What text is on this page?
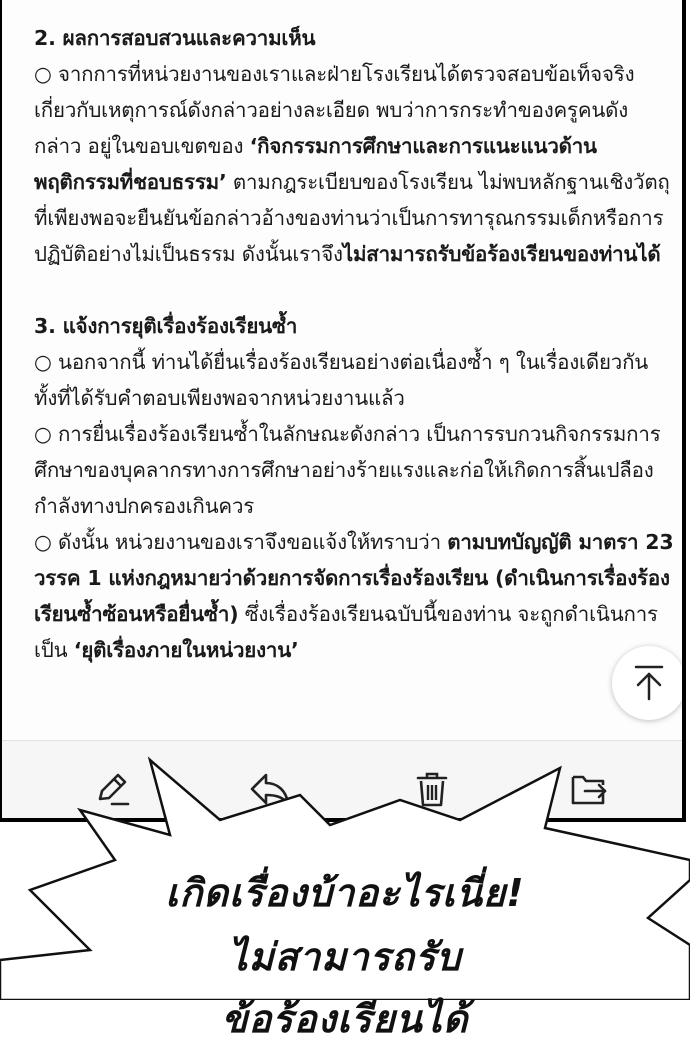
2. ผลการสอบสวนและความเห็น

○ จากการที่หน่วยงานของเราและฝ่ายโรงเรียนได้ตรวจสอบข้อเท็จจริงเกี่ยวกับเหตุการณ์ดังกล่าวอย่างละเอียด พบว่าการกระทำของครูคนดังกล่าว อยู่ในขอบเขตของ ‘กิจกรรมการศึกษาและการแนะแนวด้านพฤติกรรมที่ชอบธรรม’ ตามกฎระเบียบของโรงเรียน ไม่พบหลักฐานเชิงวัตถุที่เพียงพอจะยืนยันข้อกล่าวอ้างของท่านว่าเป็นการทารุณกรรมเด็กหรือการปฏิบัติอย่างไม่เป็นธรรม ดังนั้นเราจึงไม่สามารถรับข้อร้องเรียนของท่านได้

3. แจ้งการยุติเรื่องร้องเรียนซ้ำ

○ นอกจากนี้ ท่านได้ยื่นเรื่องร้องเรียนอย่างต่อเนื่องซ้ำ ๆ ในเรื่องเดียวกัน ทั้งที่ได้รับคำตอบเพียงพอจากหน่วยงานแล้ว

○ การยื่นเรื่องร้องเรียนซ้ำในลักษณะดังกล่าว เป็นการรบกวนกิจกรรมการศึกษาของบุคลากรทางการศึกษาอย่างร้ายแรงและก่อให้เกิดการสิ้นเปลืองกำลังทางปกครองเกินควร

○ ดังนั้น หน่วยงานของเราจึงขอแจ้งให้ทราบว่า ตามบทบัญญัติ มาตรา 23 วรรค 1 แห่งกฎหมายว่าด้วยการจัดการเรื่องร้องเรียน (ดำเนินการเรื่องร้องเรียนซ้ำซ้อนหรือยื่นซ้ำ) ซึ่งเรื่องร้องเรียนฉบับนี้ของท่าน จะถูกดำเนินการเป็น ‘ยุติเรื่องภายในหน่วยงาน’

เกิดเรื่องบ้าอะไรเนี่ย!
ไม่สามารถรับ
ข้อร้องเรียนได้
